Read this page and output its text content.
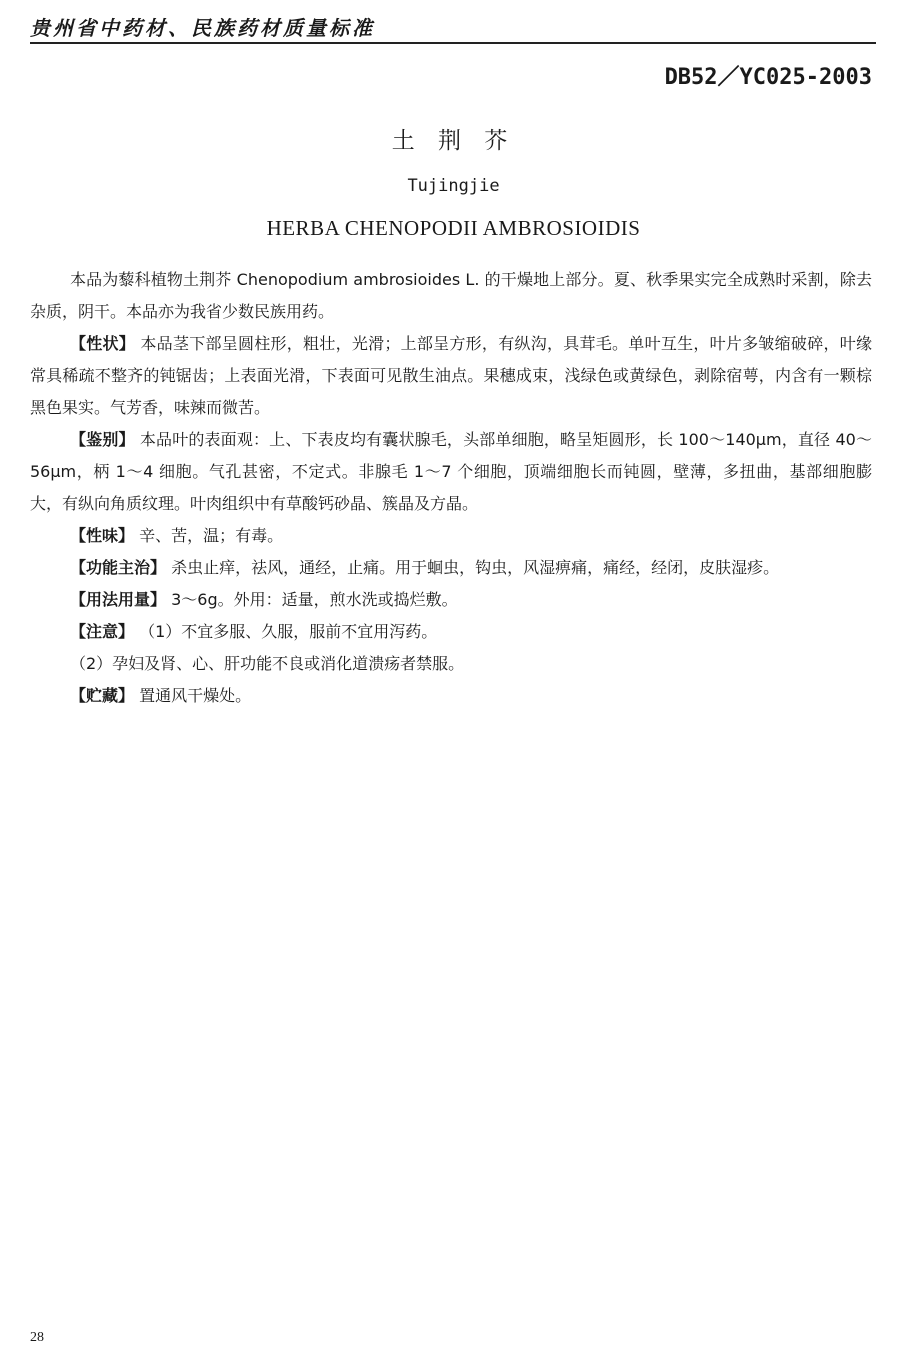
贵州省中药材、民族药材质量标准
DB52／YC025-2003
土 荆 芥
Tujingjie
HERBA CHENOPODII AMBROSIOIDIS

本品为藜科植物土荆芥 Chenopodium ambrosioides L. 的干燥地上部分。夏、秋季果实完全成熟时采割，除去杂质，阴干。本品亦为我省少数民族用药。

【性状】 本品茎下部呈圆柱形，粗壮，光滑；上部呈方形，有纵沟，具茸毛。单叶互生，叶片多皱缩破碎，叶缘常具稀疏不整齐的钝锯齿；上表面光滑，下表面可见散生油点。果穗成束，浅绿色或黄绿色，剥除宿萼，内含有一颗棕黑色果实。气芳香，味辣而微苦。

【鉴别】 本品叶的表面观：上、下表皮均有囊状腺毛，头部单细胞，略呈矩圆形，长 100～140μm，直径 40～56μm，柄 1～4 细胞。气孔甚密，不定式。非腺毛 1～7 个细胞，顶端细胞长而钝圆，壁薄，多扭曲，基部细胞膨大，有纵向角质纹理。叶肉组织中有草酸钙砂晶、簇晶及方晶。

【性味】 辛、苦，温；有毒。

【功能主治】 杀虫止痒，祛风，通经，止痛。用于蛔虫，钩虫，风湿痹痛，痛经，经闭，皮肤湿疹。

【用法用量】 3～6g。外用：适量，煎水洗或捣烂敷。

【注意】 （1）不宜多服、久服，服前不宜用泻药。

（2）孕妇及肾、心、肝功能不良或消化道溃疡者禁服。

【贮藏】 置通风干燥处。

28
